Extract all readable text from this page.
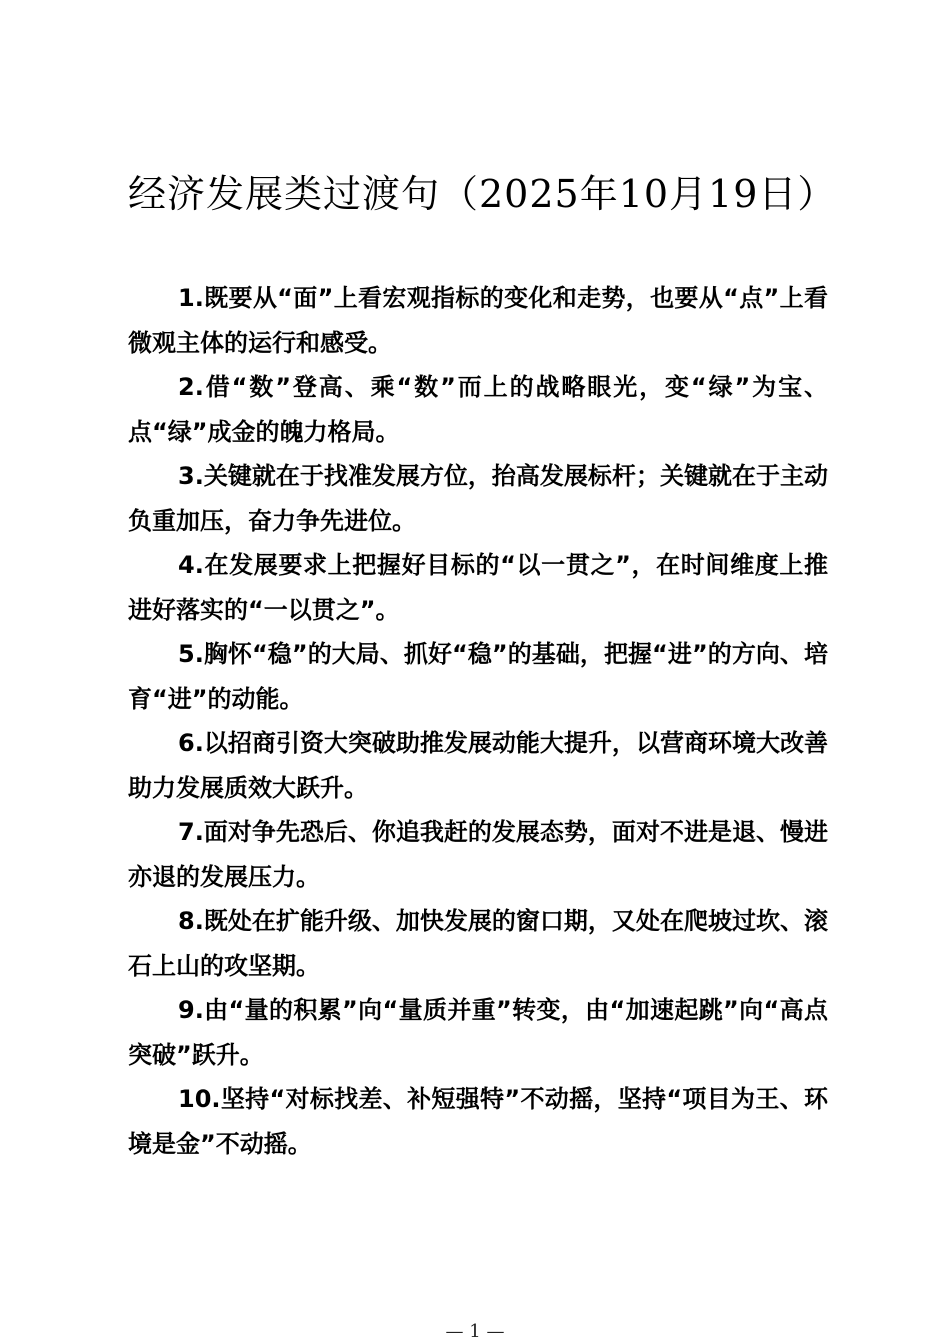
经济发展类过渡句（2025年10月19日）

1.既要从“面”上看宏观指标的变化和走势，也要从“点”上看微观主体的运行和感受。

2.借“数”登高、乘“数”而上的战略眼光，变“绿”为宝、点“绿”成金的魄力格局。

3.关键就在于找准发展方位，抬高发展标杆；关键就在于主动负重加压，奋力争先进位。

4.在发展要求上把握好目标的“以一贯之”，在时间维度上推进好落实的“一以贯之”。

5.胸怀“稳”的大局、抓好“稳”的基础，把握“进”的方向、培育“进”的动能。

6.以招商引资大突破助推发展动能大提升，以营商环境大改善助力发展质效大跃升。

7.面对争先恐后、你追我赶的发展态势，面对不进是退、慢进亦退的发展压力。

8.既处在扩能升级、加快发展的窗口期，又处在爬坡过坎、滚石上山的攻坚期。

9.由“量的积累”向“量质并重”转变，由“加速起跳”向“高点突破”跃升。

10.坚持“对标找差、补短强特”不动摇，坚持“项目为王、环境是金”不动摇。

— 1 —
